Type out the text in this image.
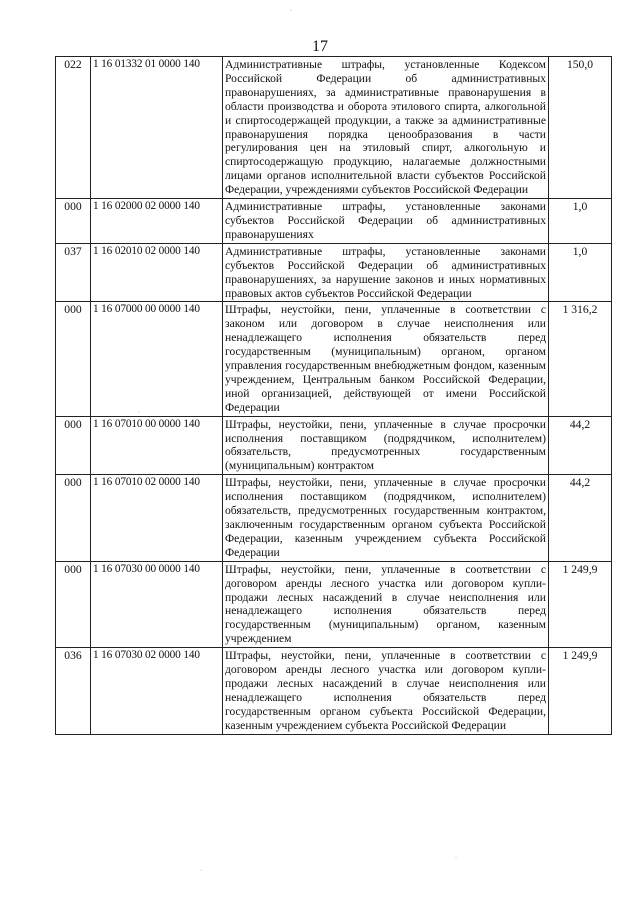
17
022	1 16 01332 01 0000 140	Административные штрафы, установленные Кодексом Российской Федерации об административных правонарушениях, за административные правонарушения в области производства и оборота этилового спирта, алкогольной и спиртосодержащей продукции, а также за административные правонарушения порядка ценообразования в части регулирования цен на этиловый спирт, алкогольную и спиртосодержащую продукцию, налагаемые должностными лицами органов исполнительной власти субъектов Российской Федерации, учреждениями субъектов Российской Федерации	150,0
000	1 16 02000 02 0000 140	Административные штрафы, установленные законами субъектов Российской Федерации об административных правонарушениях	1,0
037	1 16 02010 02 0000 140	Административные штрафы, установленные законами субъектов Российской Федерации об административных правонарушениях, за нарушение законов и иных нормативных правовых актов субъектов Российской Федерации	1,0
000	1 16 07000 00 0000 140	Штрафы, неустойки, пени, уплаченные в соответствии с законом или договором в случае неисполнения или ненадлежащего исполнения обязательств перед государственным (муниципальным) органом, органом управления государственным внебюджетным фондом, казенным учреждением, Центральным банком Российской Федерации, иной организацией, действующей от имени Российской Федерации	1 316,2
000	1 16 07010 00 0000 140	Штрафы, неустойки, пени, уплаченные в случае просрочки исполнения поставщиком (подрядчиком, исполнителем) обязательств, предусмотренных государственным (муниципальным) контрактом	44,2
000	1 16 07010 02 0000 140	Штрафы, неустойки, пени, уплаченные в случае просрочки исполнения поставщиком (подрядчиком, исполнителем) обязательств, предусмотренных государственным контрактом, заключенным государственным органом субъекта Российской Федерации, казенным учреждением субъекта Российской Федерации	44,2
000	1 16 07030 00 0000 140	Штрафы, неустойки, пени, уплаченные в соответствии с договором аренды лесного участка или договором купли-продажи лесных насаждений в случае неисполнения или ненадлежащего исполнения обязательств перед государственным (муниципальным) органом, казенным учреждением	1 249,9
036	1 16 07030 02 0000 140	Штрафы, неустойки, пени, уплаченные в соответствии с договором аренды лесного участка или договором купли-продажи лесных насаждений в случае неисполнения или ненадлежащего исполнения обязательств перед государственным органом субъекта Российской Федерации, казенным учреждением субъекта Российской Федерации	1 249,9
·
·
·
·
